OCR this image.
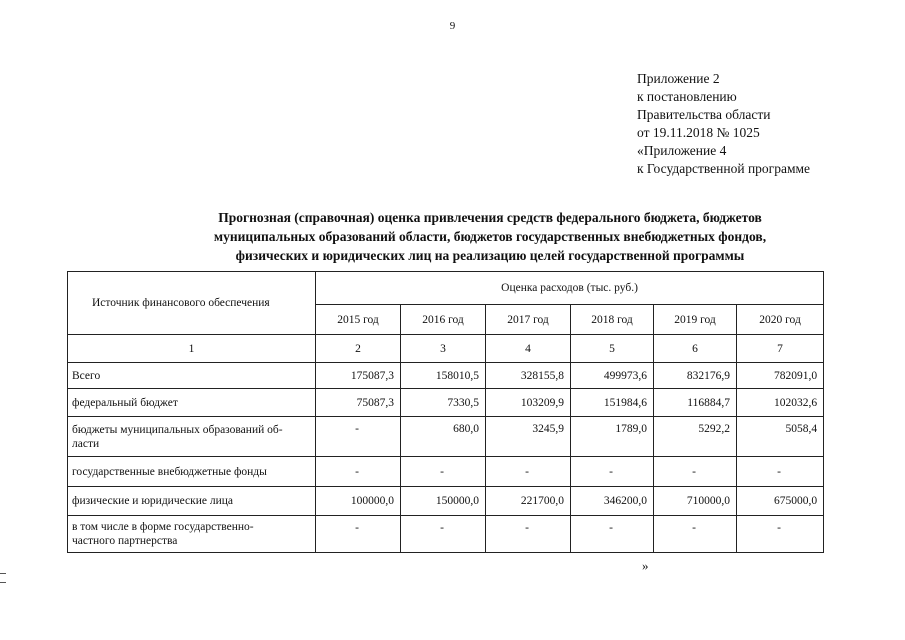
9
Приложение 2
к постановлению
Правительства области
от 19.11.2018 № 1025
«Приложение 4
к Государственной программе
Прогнозная (справочная) оценка привлечения средств федерального бюджета, бюджетов
муниципальных образований области, бюджетов государственных внебюджетных фондов,
физических и юридических лиц на реализацию целей государственной программы
Источник финансового обеспечения	Оценка расходов (тыс. руб.)					
	2015 год	2016 год	2017 год	2018 год	2019 год	2020 год
1	2	3	4	5	6	7
Всего	175087,3	158010,5	328155,8	499973,6	832176,9	782091,0
федеральный бюджет	75087,3	7330,5	103209,9	151984,6	116884,7	102032,6
бюджеты муниципальных образований об-
ласти	-	680,0	3245,9	1789,0	5292,2	5058,4
государственные внебюджетные фонды	-	-	-	-	-	-
физические и юридические лица	100000,0	150000,0	221700,0	346200,0	710000,0	675000,0
в том числе в форме государственно-
частного партнерства	-	-	-	-	-	-
»
